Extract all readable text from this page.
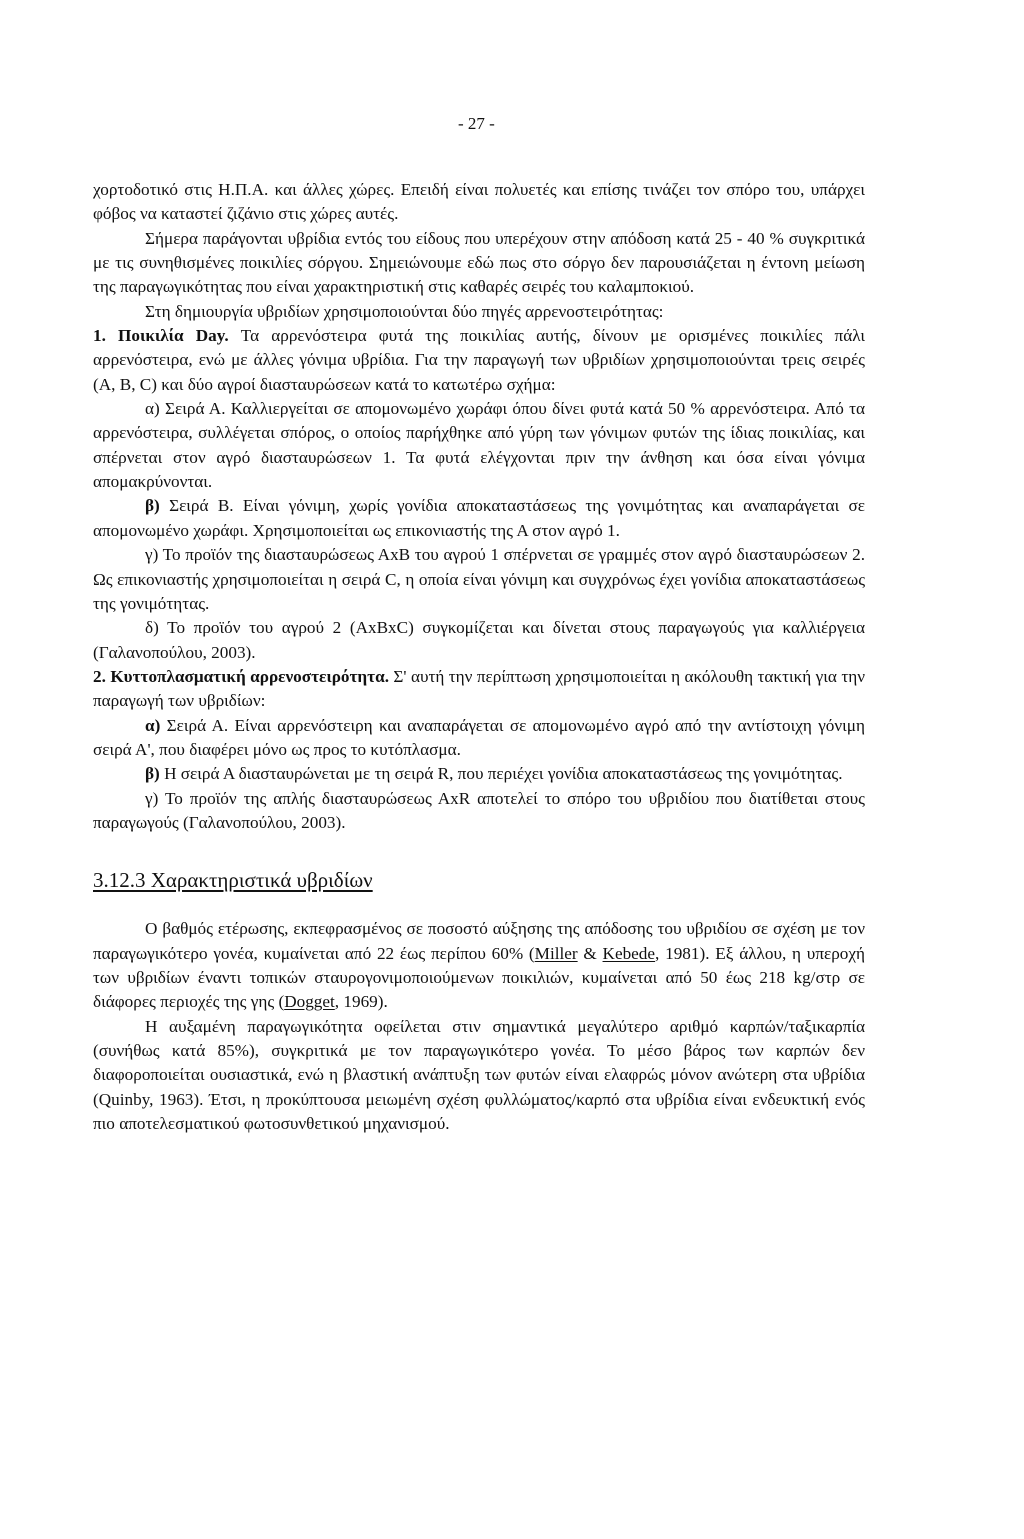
- 27 -

χορτοδοτικό στις Η.Π.Α. και άλλες χώρες. Επειδή είναι πολυετές και επίσης τινάζει τον σπόρο του, υπάρχει φόβος να καταστεί ζιζάνιο στις χώρες αυτές.

Σήμερα παράγονται υβρίδια εντός του είδους που υπερέχουν στην απόδοση κατά 25 - 40 % συγκριτικά με τις συνηθισμένες ποικιλίες σόργου. Σημειώνουμε εδώ πως στο σόργο δεν παρουσιάζεται η έντονη μείωση της παραγωγικότητας που είναι χαρακτηριστική στις καθαρές σειρές του καλαμποκιού.

Στη δημιουργία υβριδίων χρησιμοποιούνται δύο πηγές αρρενοστειρότητας:

1. Ποικιλία Day. Τα αρρενόστειρα φυτά της ποικιλίας αυτής, δίνουν με ορισμένες ποικιλίες πάλι αρρενόστειρα, ενώ με άλλες γόνιμα υβρίδια. Για την παραγωγή των υβριδίων χρησιμοποιούνται τρεις σειρές (A, B, C) και δύο αγροί διασταυρώσεων κατά το κατωτέρω σχήμα:

α) Σειρά Α. Καλλιεργείται σε απομονωμένο χωράφι όπου δίνει φυτά κατά 50 % αρρενόστειρα. Από τα αρρενόστειρα, συλλέγεται σπόρος, ο οποίος παρήχθηκε από γύρη των γόνιμων φυτών της ίδιας ποικιλίας, και σπέρνεται στον αγρό διασταυρώσεων 1. Τα φυτά ελέγχονται πριν την άνθηση και όσα είναι γόνιμα απομακρύνονται.

β) Σειρά Β. Είναι γόνιμη, χωρίς γονίδια αποκαταστάσεως της γονιμότητας και αναπαράγεται σε απομονωμένο χωράφι. Χρησιμοποιείται ως επικονιαστής της Α στον αγρό 1.

γ) Το προϊόν της διασταυρώσεως ΑxΒ του αγρού 1 σπέρνεται σε γραμμές στον αγρό διασταυρώσεων 2. Ως επικονιαστής χρησιμοποιείται η σειρά C, η οποία είναι γόνιμη και συγχρόνως έχει γονίδια αποκαταστάσεως της γονιμότητας.

δ) Το προϊόν του αγρού 2 (ΑxΒxC) συγκομίζεται και δίνεται στους παραγωγούς για καλλιέργεια (Γαλανοπούλου, 2003).

2. Κυττοπλασματική αρρενοστειρότητα. Σ' αυτή την περίπτωση χρησιμοποιείται η ακόλουθη τακτική για την παραγωγή των υβριδίων:

α) Σειρά Α. Είναι αρρενόστειρη και αναπαράγεται σε απομονωμένο αγρό από την αντίστοιχη γόνιμη σειρά Α', που διαφέρει μόνο ως προς το κυτόπλασμα.

β) Η σειρά Α διασταυρώνεται με τη σειρά R, που περιέχει γονίδια αποκαταστάσεως της γονιμότητας.

γ) Το προϊόν της απλής διασταυρώσεως ΑxR αποτελεί το σπόρο του υβριδίου που διατίθεται στους παραγωγούς (Γαλανοπούλου, 2003).

3.12.3 Χαρακτηριστικά υβριδίων

Ο βαθμός ετέρωσης, εκπεφρασμένος σε ποσοστό αύξησης της απόδοσης του υβριδίου σε σχέση με τον παραγωγικότερο γονέα, κυμαίνεται από 22 έως περίπου 60% (Miller & Kebede, 1981). Εξ άλλου, η υπεροχή των υβριδίων έναντι τοπικών σταυρογονιμοποιούμενων ποικιλιών, κυμαίνεται από 50 έως 218 kg/στρ σε διάφορες περιοχές της γης (Dogget, 1969).

Η αυξαμένη παραγωγικότητα οφείλεται στιν σημαντικά μεγαλύτερο αριθμό καρπών/ταξικαρπία (συνήθως κατά 85%), συγκριτικά με τον παραγωγικότερο γονέα. Το μέσο βάρος των καρπών δεν διαφοροποιείται ουσιαστικά, ενώ η βλαστική ανάπτυξη των φυτών είναι ελαφρώς μόνον ανώτερη στα υβρίδια (Quinby, 1963). Έτσι, η προκύπτουσα μειωμένη σχέση φυλλώματος/καρπό στα υβρίδια είναι ενδευκτική ενός πιο αποτελεσματικού φωτοσυνθετικού μηχανισμού.
